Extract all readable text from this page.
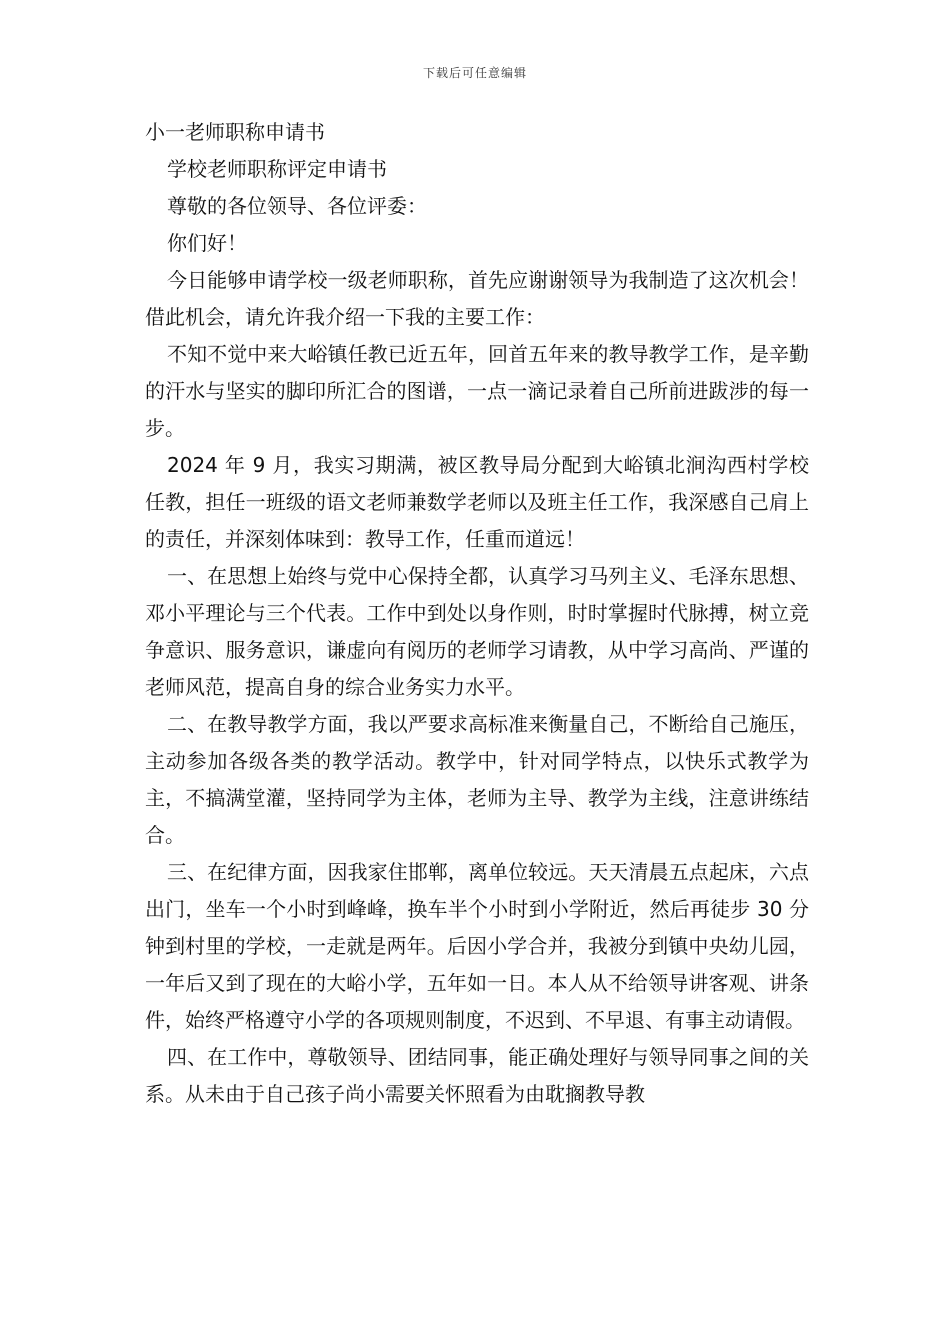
下载后可任意编辑
小一老师职称申请书

学校老师职称评定申请书

尊敬的各位领导、各位评委：

你们好！

今日能够申请学校一级老师职称，首先应谢谢领导为我制造了这次机会！借此机会，请允许我介绍一下我的主要工作：

不知不觉中来大峪镇任教已近五年，回首五年来的教导教学工作，是辛勤的汗水与坚实的脚印所汇合的图谱，一点一滴记录着自己所前进跋涉的每一步。

2024 年 9 月，我实习期满，被区教导局分配到大峪镇北涧沟西村学校任教，担任一班级的语文老师兼数学老师以及班主任工作，我深感自己肩上的责任，并深刻体味到：教导工作，任重而道远！

一、在思想上始终与党中心保持全都，认真学习马列主义、毛泽东思想、邓小平理论与三个代表。工作中到处以身作则，时时掌握时代脉搏，树立竞争意识、服务意识，谦虚向有阅历的老师学习请教，从中学习高尚、严谨的老师风范，提高自身的综合业务实力水平。

二、在教导教学方面，我以严要求高标准来衡量自己，不断给自己施压，主动参加各级各类的教学活动。教学中，针对同学特点，以快乐式教学为主，不搞满堂灌，坚持同学为主体，老师为主导、教学为主线，注意讲练结合。

三、在纪律方面，因我家住邯郸，离单位较远。天天清晨五点起床，六点出门，坐车一个小时到峰峰，换车半个小时到小学附近，然后再徒步 30 分钟到村里的学校，一走就是两年。后因小学合并，我被分到镇中央幼儿园，一年后又到了现在的大峪小学，五年如一日。本人从不给领导讲客观、讲条件，始终严格遵守小学的各项规则制度，不迟到、不早退、有事主动请假。

四、在工作中，尊敬领导、团结同事，能正确处理好与领导同事之间的关系。从未由于自己孩子尚小需要关怀照看为由耽搁教导教
